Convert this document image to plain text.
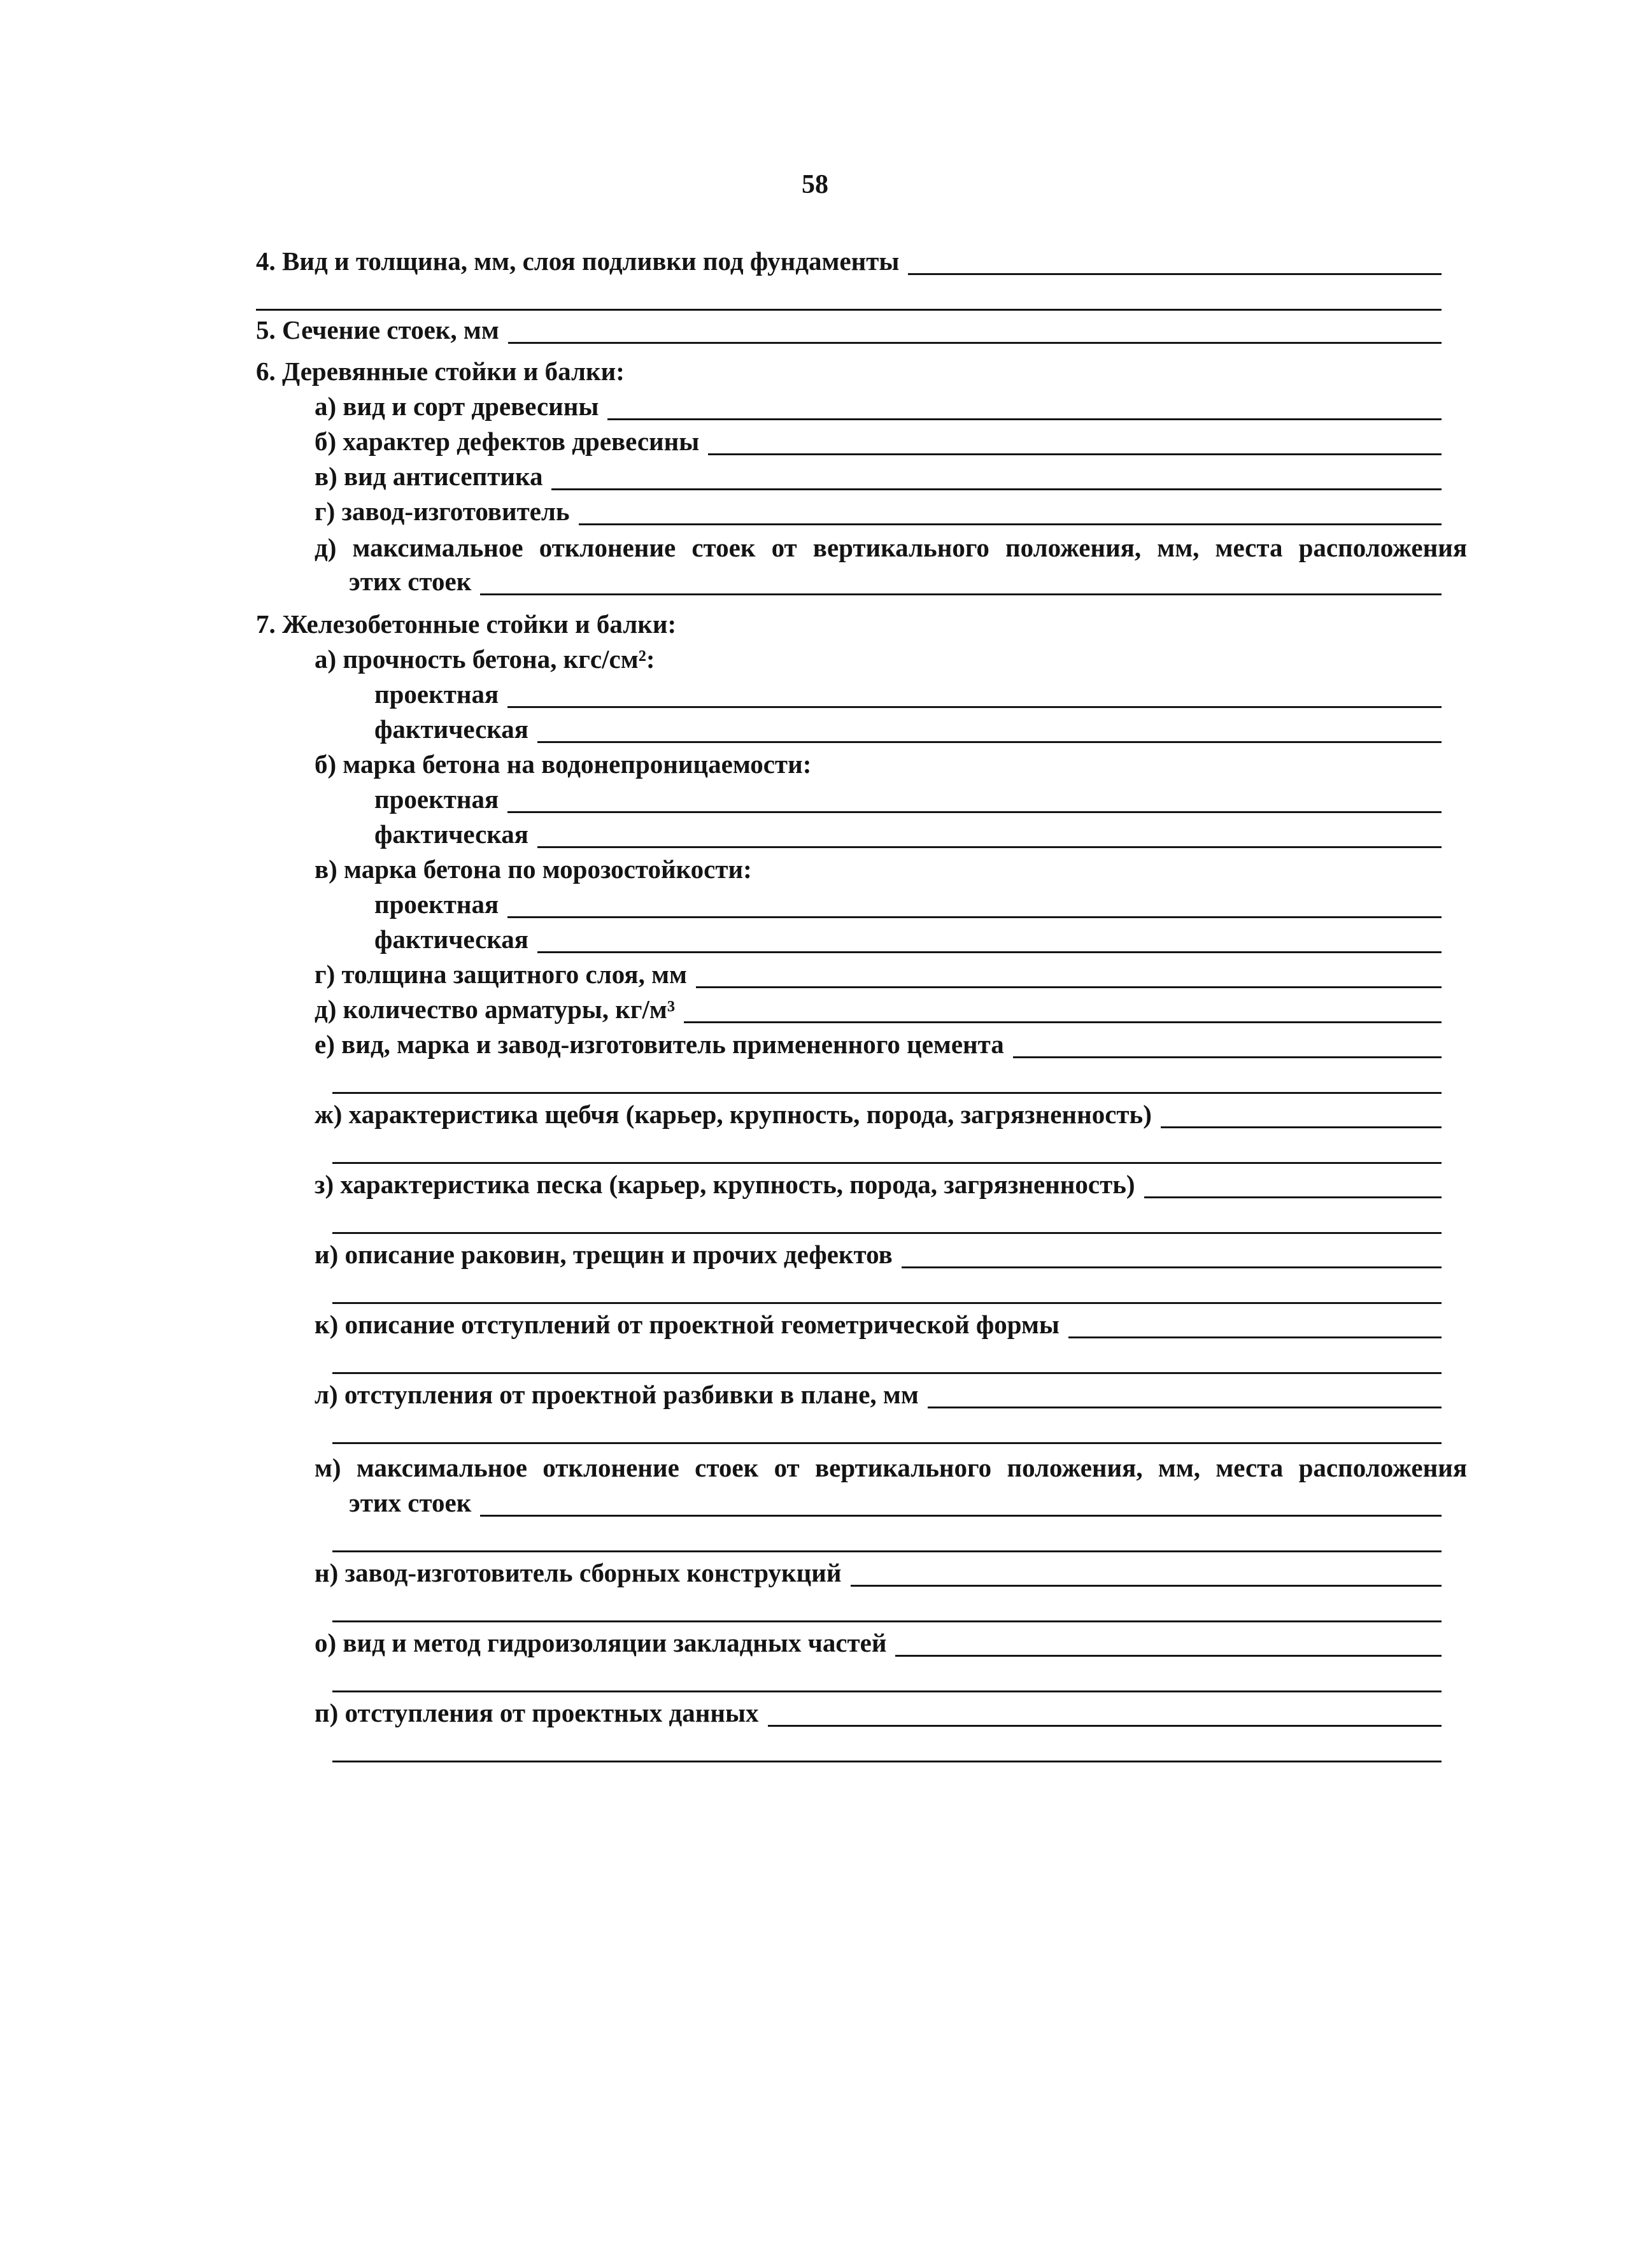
58
4. Вид и толщина, мм, слоя подливки под фундаменты
5. Сечение стоек, мм
6. Деревянные стойки и балки:
а) вид и сорт древесины
б) характер дефектов древесины
в) вид антисептика
г) завод-изготовитель
д) максимальное отклонение стоек от вертикального положения, мм, места расположения
этих стоек
7. Железобетонные стойки и балки:
а) прочность бетона, кгс/см²:
проектная
фактическая
б) марка бетона на водонепроницаемости:
проектная
фактическая
в) марка бетона по морозостойкости:
проектная
фактическая
г) толщина защитного слоя, мм
д) количество арматуры, кг/м³
е) вид, марка и завод-изготовитель примененного цемента
ж) характеристика щебчя (карьер, крупность, порода, загрязненность)
з) характеристика песка (карьер, крупность, порода, загрязненность)
и) описание раковин, трещин и прочих дефектов
к) описание отступлений от проектной геометрической формы
л) отступления от проектной разбивки в плане, мм
м) максимальное отклонение стоек от вертикального положения, мм, места расположения
этих стоек
н) завод-изготовитель сборных конструкций
о) вид и метод гидроизоляции закладных частей
п) отступления от проектных данных
